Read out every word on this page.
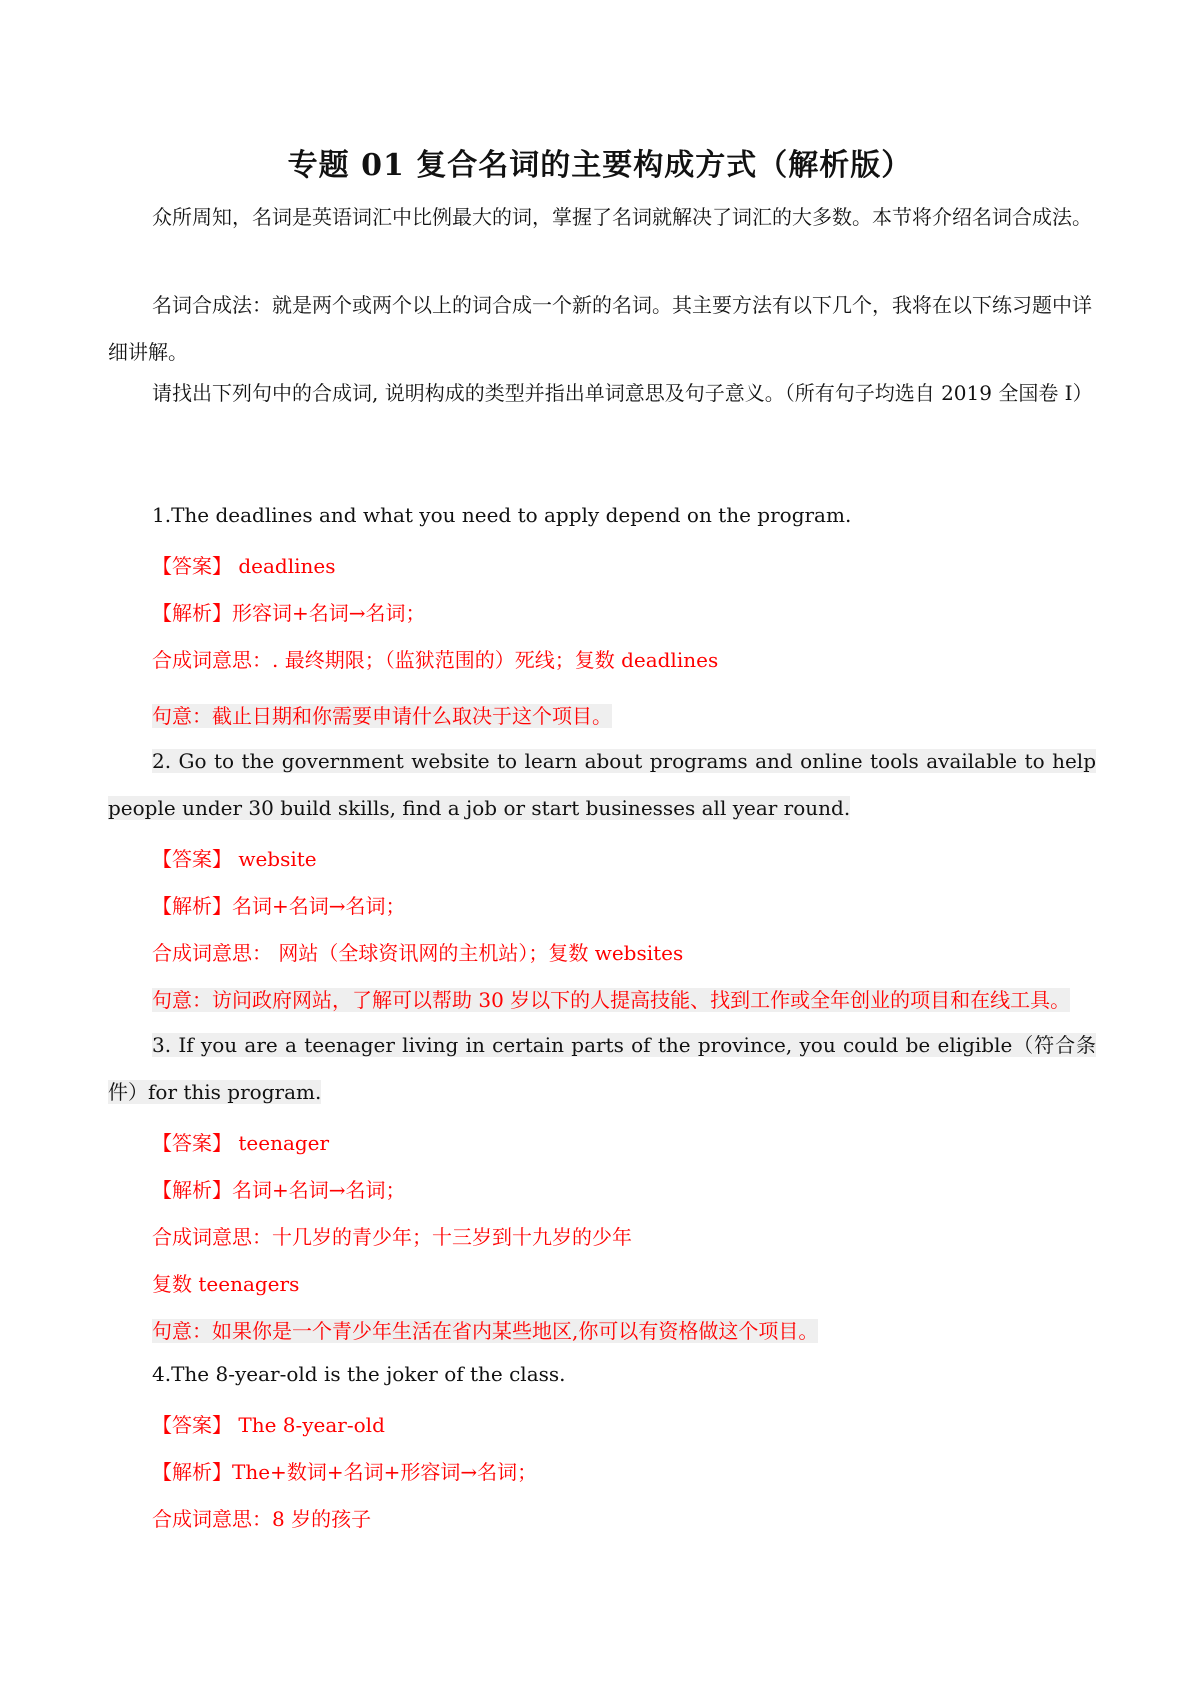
专题 01 复合名词的主要构成方式（解析版）

众所周知，名词是英语词汇中比例最大的词，掌握了名词就解决了词汇的大多数。本节将介绍名词合成法。

名词合成法：就是两个或两个以上的词合成一个新的名词。其主要方法有以下几个，我将在以下练习题中详细讲解。

请找出下列句中的合成词, 说明构成的类型并指出单词意思及句子意义。（所有句子均选自 2019 全国卷 I）

1.The deadlines and what you need to apply depend on the program.
【答案】 deadlines
【解析】形容词+名词→名词；
合成词意思：. 最终期限；（监狱范围的）死线；复数 deadlines
句意：截止日期和你需要申请什么取决于这个项目。

2. Go to the government website to learn about programs and online tools available to help people under 30 build skills, find a job or start businesses all year round.

【答案】 website
【解析】名词+名词→名词；
合成词意思： 网站（全球资讯网的主机站）；复数 websites
句意：访问政府网站，了解可以帮助 30 岁以下的人提高技能、找到工作或全年创业的项目和在线工具。

3. If you are a teenager living in certain parts of the province, you could be eligible（符合条件）for this program.

【答案】 teenager
【解析】名词+名词→名词；
合成词意思：十几岁的青少年；十三岁到十九岁的少年
复数 teenagers
句意：如果你是一个青少年生活在省内某些地区,你可以有资格做这个项目。
4.The 8-year-old is the joker of the class.
【答案】 The 8-year-old
【解析】The+数词+名词+形容词→名词；
合成词意思：8 岁的孩子
